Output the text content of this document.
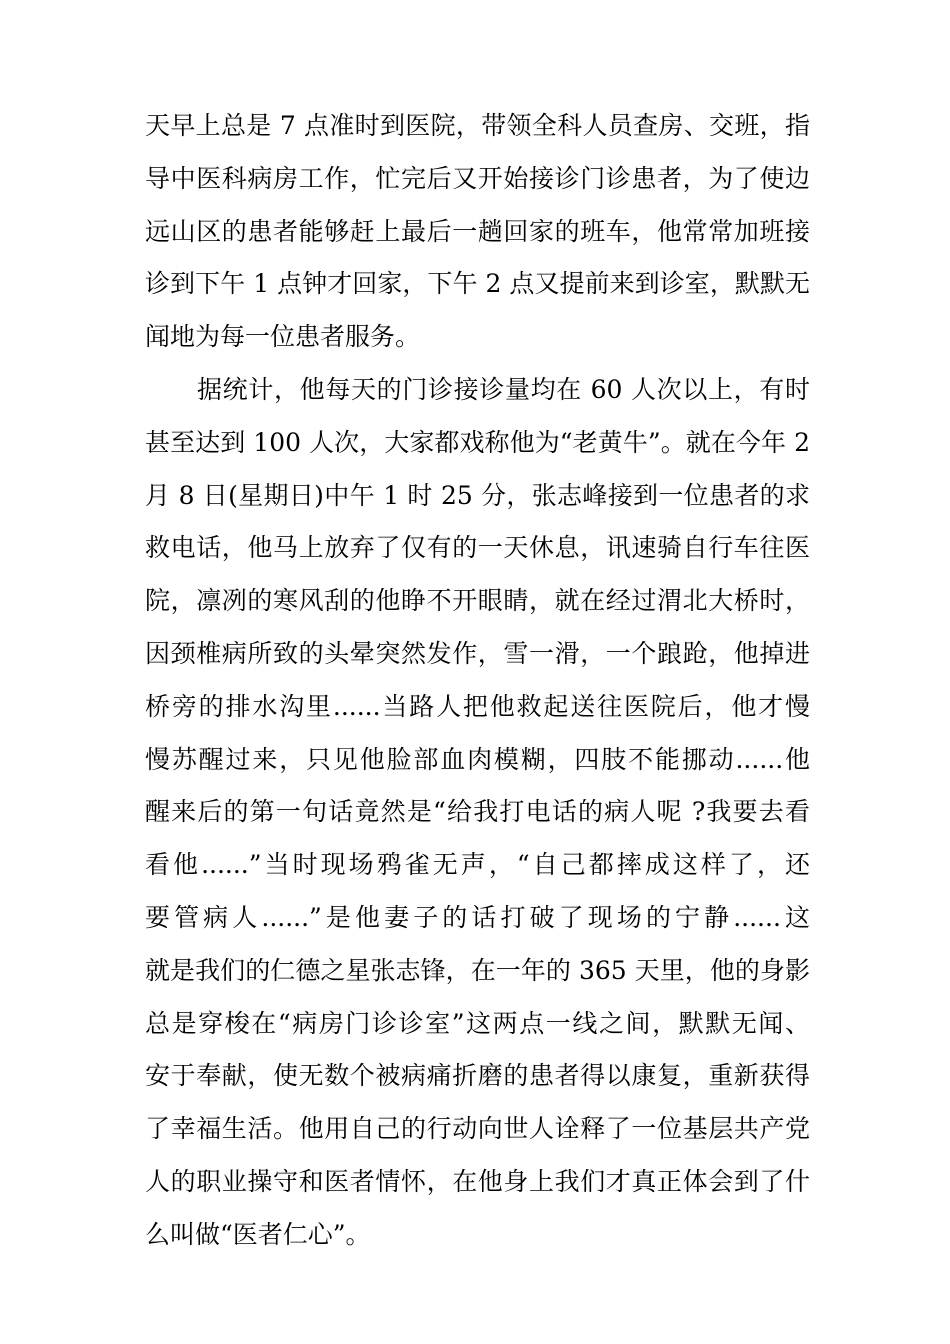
天早上总是 7 点准时到医院，带领全科人员查房、交班，指
导中医科病房工作，忙完后又开始接诊门诊患者，为了使边
远山区的患者能够赶上最后一趟回家的班车，他常常加班接
诊到下午 1 点钟才回家，下午 2 点又提前来到诊室，默默无
闻地为每一位患者服务。
据统计，他每天的门诊接诊量均在 60 人次以上，有时
甚至达到 100 人次，大家都戏称他为“老黄牛”。就在今年 2
月 8 日(星期日)中午 1 时 25 分，张志峰接到一位患者的求
救电话，他马上放弃了仅有的一天休息，讯速骑自行车往医
院，凛冽的寒风刮的他睁不开眼睛，就在经过渭北大桥时，
因颈椎病所致的头晕突然发作，雪一滑，一个踉跄，他掉进
桥旁的排水沟里......当路人把他救起送往医院后，他才慢
慢苏醒过来，只见他脸部血肉模糊，四肢不能挪动......他
醒来后的第一句话竟然是“给我打电话的病人呢 ?我要去看
看他......”当时现场鸦雀无声，“自己都摔成这样了，还
要管病人......”是他妻子的话打破了现场的宁静......这
就是我们的仁德之星张志锋，在一年的 365 天里，他的身影
总是穿梭在“病房门诊诊室”这两点一线之间，默默无闻、
安于奉献，使无数个被病痛折磨的患者得以康复，重新获得
了幸福生活。他用自己的行动向世人诠释了一位基层共产党
人的职业操守和医者情怀，在他身上我们才真正体会到了什
么叫做“医者仁心”。
